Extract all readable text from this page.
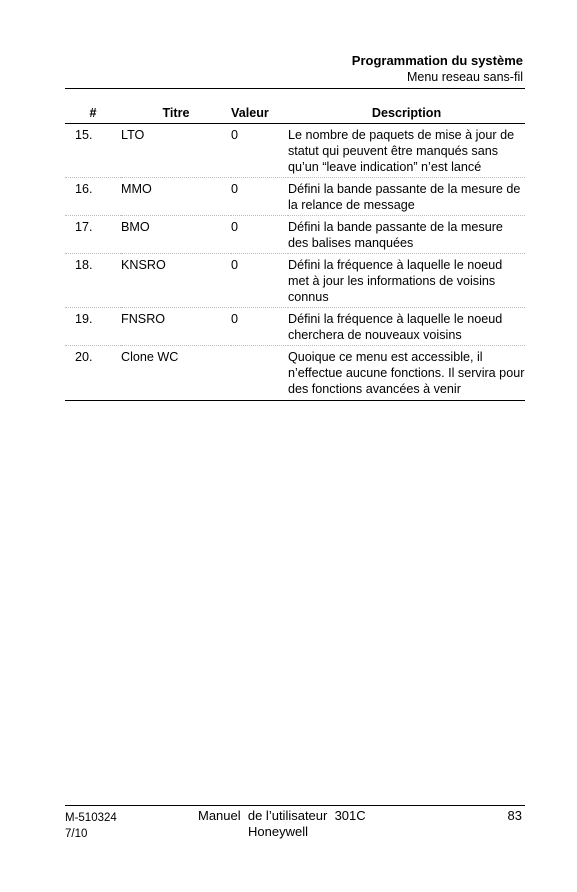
Programmation du système
Menu reseau sans-fil
#	Titre	Valeur	Description
15.	LTO	0	Le nombre de paquets de mise à jour de statut qui peuvent être manqués sans qu’un “leave indication” n’est lancé
16.	MMO	0	Défini la bande passante de la mesure de la relance de message
17.	BMO	0	Défini la bande passante de la mesure des balises manquées
18.	KNSRO	0	Défini la fréquence à laquelle le noeud met à jour les informations de voisins connus
19.	FNSRO	0	Défini la fréquence à laquelle le noeud cherchera de nouveaux voisins
20.	Clone WC		Quoique ce menu est accessible, il n’effectue aucune fonctions. Il servira pour des fonctions avancées à venir
M-510324
7/10
Manuel  de l’utilisateur  301C
Honeywell
83
